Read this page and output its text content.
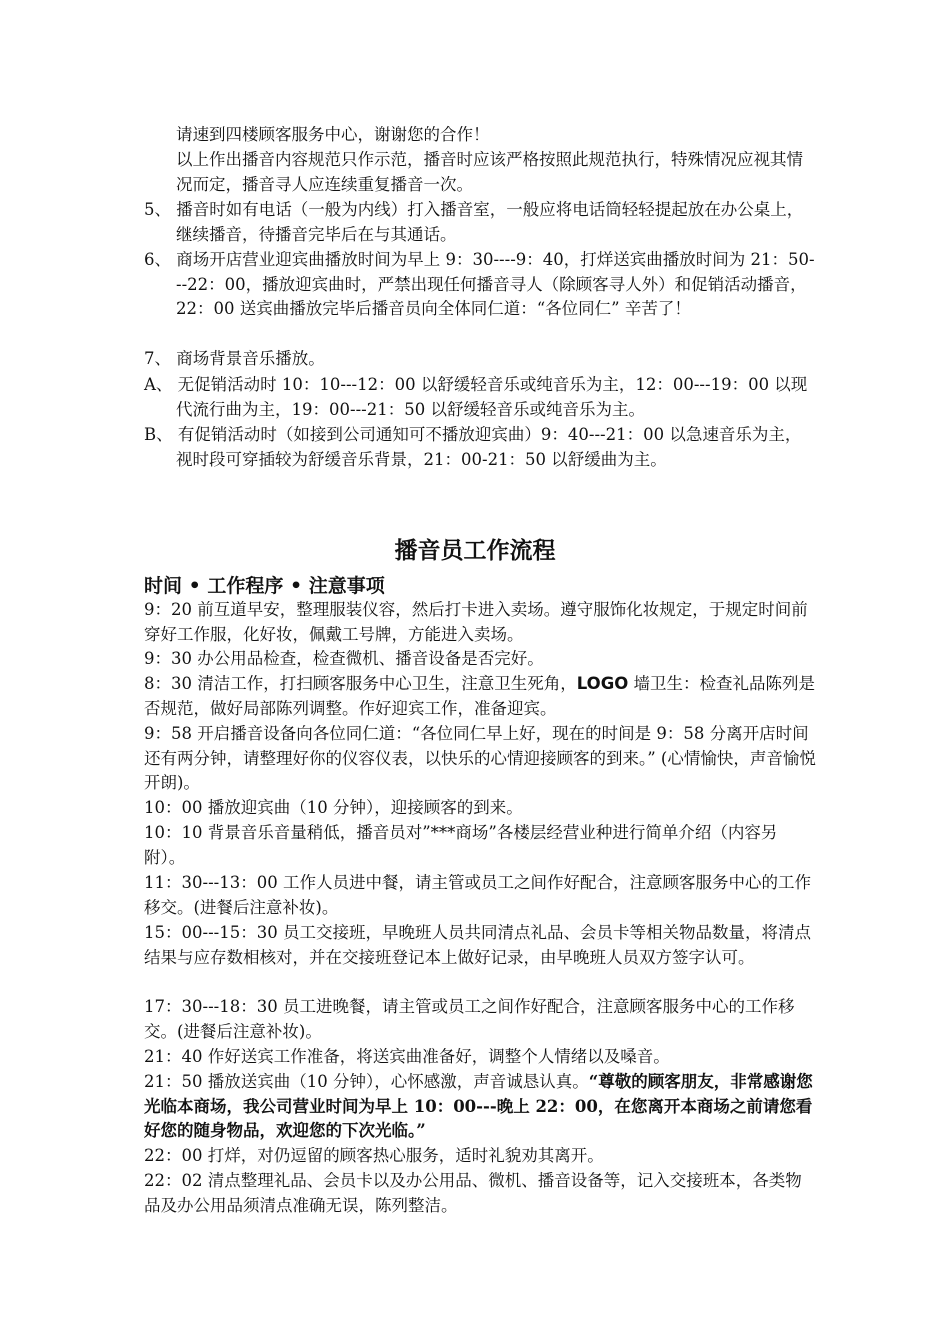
请速到四楼顾客服务中心，谢谢您的合作！
以上作出播音内容规范只作示范，播音时应该严格按照此规范执行，特殊情况应视其情况而定，播音寻人应连续重复播音一次。
5、 播音时如有电话（一般为内线）打入播音室，一般应将电话筒轻轻提起放在办公桌上，继续播音，待播音完毕后在与其通话。
6、 商场开店营业迎宾曲播放时间为早上 9：30----9：40，打烊送宾曲播放时间为 21：50---22：00，播放迎宾曲时，严禁出现任何播音寻人（除顾客寻人外）和促销活动播音，22：00 送宾曲播放完毕后播音员向全体同仁道：“各位同仁” 辛苦了！
7、 商场背景音乐播放。
A、 无促销活动时 10：10---12：00 以舒缓轻音乐或纯音乐为主，12：00---19：00 以现代流行曲为主，19：00---21：50 以舒缓轻音乐或纯音乐为主。
B、 有促销活动时（如接到公司通知可不播放迎宾曲）9：40---21：00 以急速音乐为主，视时段可穿插较为舒缓音乐背景，21：00-21：50 以舒缓曲为主。
播音员工作流程
时间 • 工作程序 • 注意事项
9：20 前互道早安，整理服装仪容，然后打卡进入卖场。遵守服饰化妆规定，于规定时间前穿好工作服，化好妆，佩戴工号牌，方能进入卖场。
9：30 办公用品检查，检查微机、播音设备是否完好。
8：30 清洁工作，打扫顾客服务中心卫生，注意卫生死角，LOGO 墙卫生：检查礼品陈列是否规范，做好局部陈列调整。作好迎宾工作，准备迎宾。
9：58 开启播音设备向各位同仁道：“各位同仁早上好，现在的时间是 9：58 分离开店时间还有两分钟，请整理好你的仪容仪表，以快乐的心情迎接顾客的到来。” (心情愉快，声音愉悦开朗)。
10：00 播放迎宾曲（10 分钟），迎接顾客的到来。
10：10 背景音乐音量稍低，播音员对”***商场”各楼层经营业种进行简单介绍（内容另附）。
11：30---13：00 工作人员进中餐，请主管或员工之间作好配合，注意顾客服务中心的工作移交。(进餐后注意补妆)。
15：00---15：30 员工交接班，早晚班人员共同清点礼品、会员卡等相关物品数量，将清点结果与应存数相核对，并在交接班登记本上做好记录，由早晚班人员双方签字认可。
17：30---18：30 员工进晚餐，请主管或员工之间作好配合，注意顾客服务中心的工作移交。(进餐后注意补妆)。
21：40 作好送宾工作准备，将送宾曲准备好，调整个人情绪以及嗓音。
21：50 播放送宾曲（10 分钟），心怀感激，声音诚恳认真。“尊敬的顾客朋友，非常感谢您光临本商场，我公司营业时间为早上 10：00---晚上 22：00，在您离开本商场之前请您看好您的随身物品，欢迎您的下次光临。”
22：00 打烊，对仍逗留的顾客热心服务，适时礼貌劝其离开。
22：02 清点整理礼品、会员卡以及办公用品、微机、播音设备等，记入交接班本，各类物品及办公用品须清点准确无误，陈列整洁。
